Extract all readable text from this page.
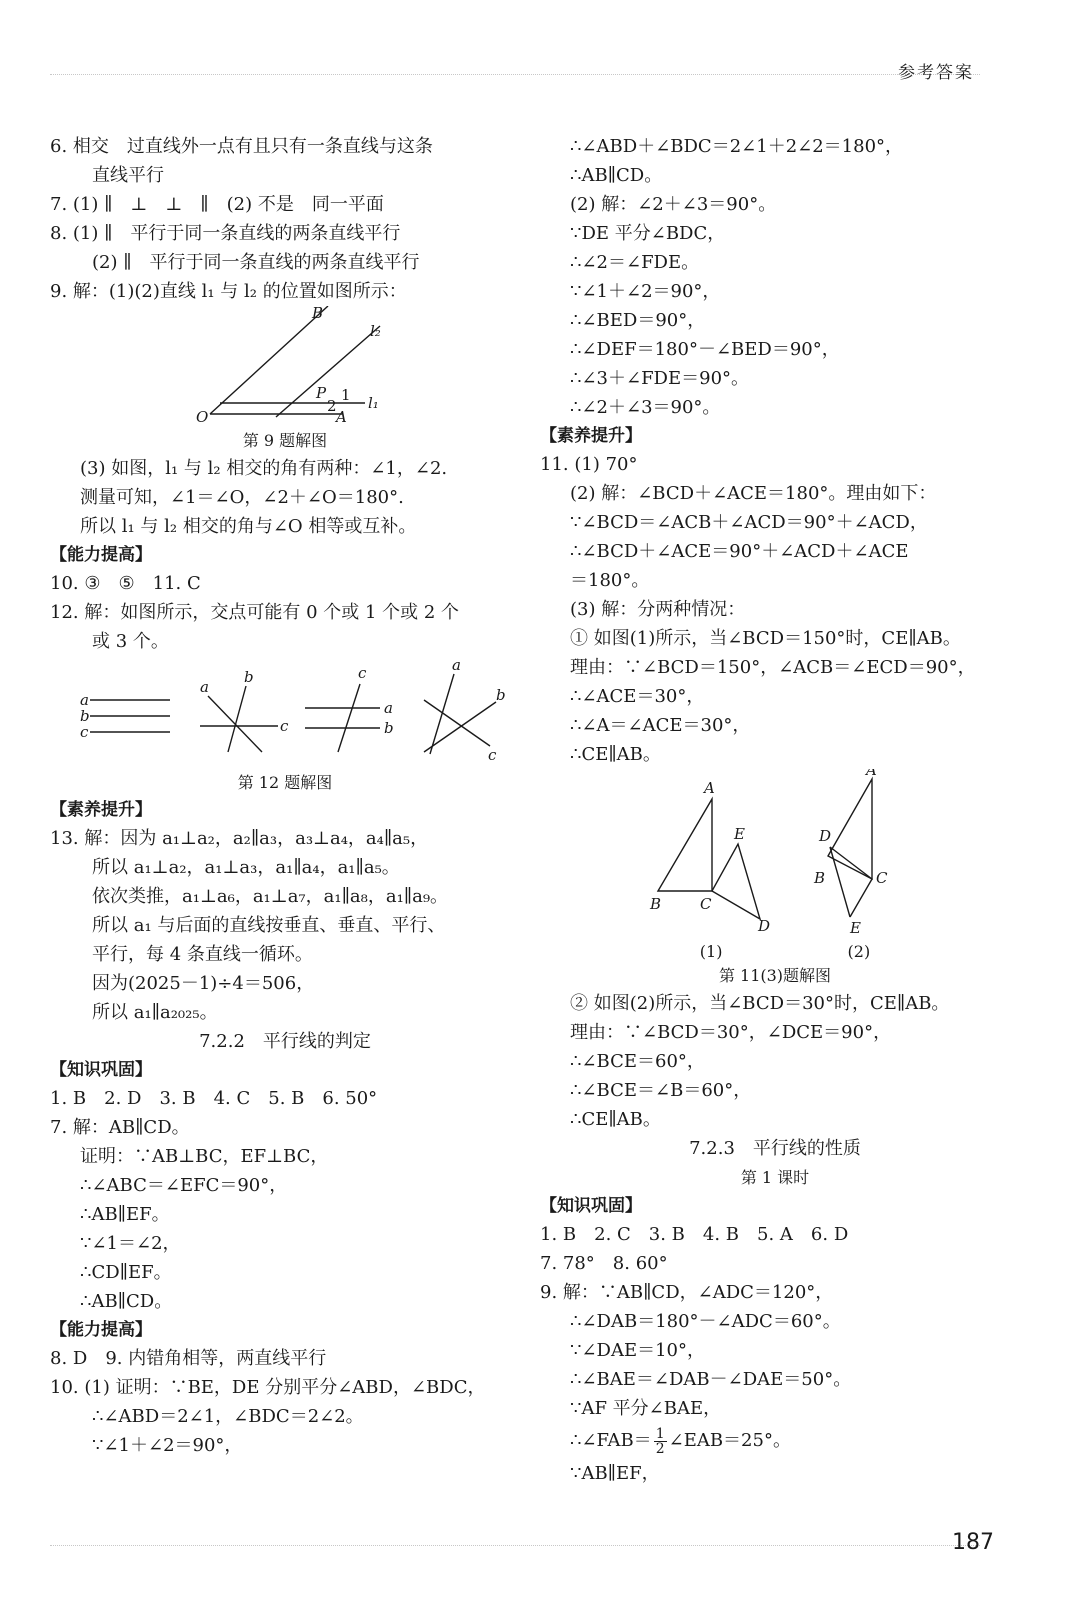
参考答案
6. 相交　过直线外一点有且只有一条直线与这条
直线平行
7. (1) ∥　⊥　⊥　∥　(2) 不是　同一平面
8. (1) ∥　平行于同一条直线的两条直线平行
(2) ∥　平行于同一条直线的两条直线平行
9. 解：(1)(2)直线 l₁ 与 l₂ 的位置如图所示：
B
l₂
P 1 l₁
2
O	A
第 9 题解图
(3) 如图，l₁ 与 l₂ 相交的角有两种：∠1，∠2.
测量可知，∠1＝∠O，∠2＋∠O＝180°.
所以 l₁ 与 l₂ 相交的角与∠O 相等或互补。
【能力提高】
10. ③　⑤　11. C
12. 解：如图所示，交点可能有 0 个或 1 个或 2 个
或 3 个。
a
b
c
a
b
c
a
b
c	a
b
c
第 12 题解图
【素养提升】
13. 解：因为 a₁⊥a₂，a₂∥a₃，a₃⊥a₄，a₄∥a₅，
所以 a₁⊥a₂，a₁⊥a₃，a₁∥a₄，a₁∥a₅。
依次类推，a₁⊥a₆，a₁⊥a₇，a₁∥a₈，a₁∥a₉。
所以 a₁ 与后面的直线按垂直、垂直、平行、
平行，每 4 条直线一循环。
因为(2025－1)÷4＝506，
所以 a₁∥a₂₀₂₅。
7.2.2　平行线的判定
【知识巩固】
1. B　2. D　3. B　4. C　5. B　6. 50°
7. 解：AB∥CD。
证明：∵AB⊥BC，EF⊥BC，
∴∠ABC＝∠EFC＝90°，
∴AB∥EF。
∵∠1＝∠2，
∴CD∥EF。
∴AB∥CD。
【能力提高】
8. D　9. 内错角相等，两直线平行
10. (1) 证明：∵BE，DE 分别平分∠ABD，∠BDC，
∴∠ABD＝2∠1，∠BDC＝2∠2。
∵∠1＋∠2＝90°，
∴∠ABD＋∠BDC＝2∠1＋2∠2＝180°，
∴AB∥CD。
(2) 解：∠2＋∠3＝90°。
∵DE 平分∠BDC，
∴∠2＝∠FDE。
∵∠1＋∠2＝90°，
∴∠BED＝90°，
∴∠DEF＝180°－∠BED＝90°，
∴∠3＋∠FDE＝90°。
∴∠2＋∠3＝90°。
【素养提升】
11. (1) 70°
(2) 解：∠BCD＋∠ACE＝180°。理由如下：
∵∠BCD＝∠ACB＋∠ACD＝90°＋∠ACD，
∴∠BCD＋∠ACE＝90°＋∠ACD＋∠ACE
＝180°。
(3) 解：分两种情况：
① 如图(1)所示，当∠BCD＝150°时，CE∥AB。
理由：∵∠BCD＝150°，∠ACB＝∠ECD＝90°，
∴∠ACE＝30°，
∴∠A＝∠ACE＝30°，
∴CE∥AB。
A
E
B	C
D
A
D
B	C
E
(1)	(2)
第 11(3)题解图
② 如图(2)所示，当∠BCD＝30°时，CE∥AB。
理由：∵∠BCD＝30°，∠DCE＝90°，
∴∠BCE＝60°，
∴∠BCE＝∠B＝60°，
∴CE∥AB。
7.2.3　平行线的性质
第 1 课时
【知识巩固】
1. B　2. C　3. B　4. B　5. A　6. D
7. 78°　8. 60°
9. 解：∵AB∥CD，∠ADC＝120°，
∴∠DAB＝180°－∠ADC＝60°。
∵∠DAE＝10°，
∴∠BAE＝∠DAB－∠DAE＝50°。
∵AF 平分∠BAE，
∴∠FAB＝ $\frac{1}{2}$ ∠EAB＝25°。
∵AB∥EF，
187
